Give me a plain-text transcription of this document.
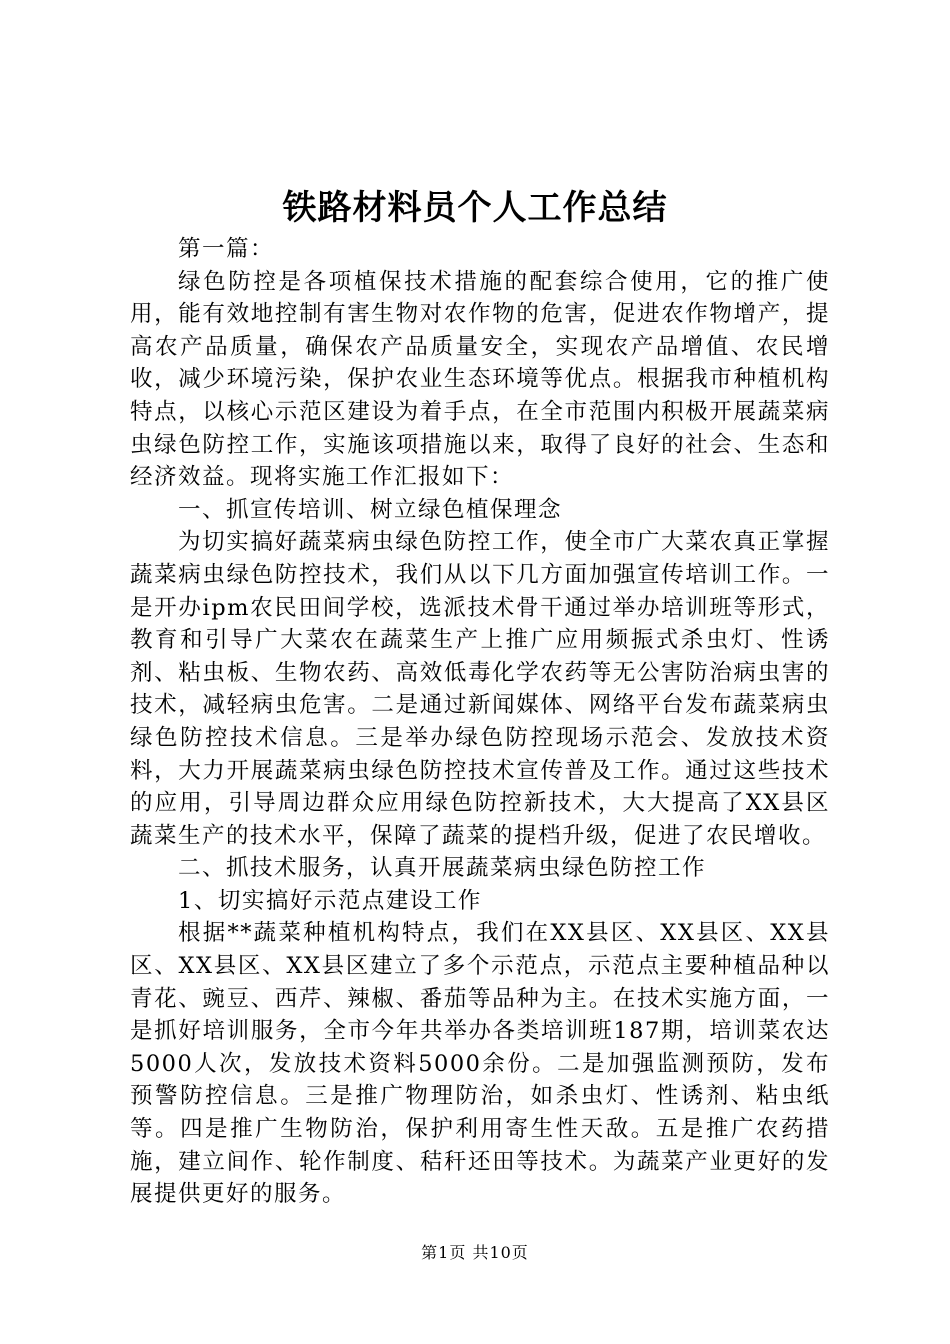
铁路材料员个人工作总结

第一篇：

绿色防控是各项植保技术措施的配套综合使用，它的推广使用，能有效地控制有害生物对农作物的危害，促进农作物增产，提高农产品质量，确保农产品质量安全，实现农产品增值、农民增收，减少环境污染，保护农业生态环境等优点。根据我市种植机构特点，以核心示范区建设为着手点，在全市范围内积极开展蔬菜病虫绿色防控工作，实施该项措施以来，取得了良好的社会、生态和经济效益。现将实施工作汇报如下：

一、抓宣传培训、树立绿色植保理念

为切实搞好蔬菜病虫绿色防控工作，使全市广大菜农真正掌握蔬菜病虫绿色防控技术，我们从以下几方面加强宣传培训工作。一是开办ipm农民田间学校，选派技术骨干通过举办培训班等形式，教育和引导广大菜农在蔬菜生产上推广应用频振式杀虫灯、性诱剂、粘虫板、生物农药、高效低毒化学农药等无公害防治病虫害的技术，减轻病虫危害。二是通过新闻媒体、网络平台发布蔬菜病虫绿色防控技术信息。三是举办绿色防控现场示范会、发放技术资料，大力开展蔬菜病虫绿色防控技术宣传普及工作。通过这些技术的应用，引导周边群众应用绿色防控新技术，大大提高了XX县区蔬菜生产的技术水平，保障了蔬菜的提档升级，促进了农民增收。

二、抓技术服务，认真开展蔬菜病虫绿色防控工作

1、切实搞好示范点建设工作

根据**蔬菜种植机构特点，我们在XX县区、XX县区、XX县区、XX县区、XX县区建立了多个示范点，示范点主要种植品种以青花、豌豆、西芹、辣椒、番茄等品种为主。在技术实施方面，一是抓好培训服务，全市今年共举办各类培训班187期，培训菜农达5000人次，发放技术资料5000余份。二是加强监测预防，发布预警防控信息。三是推广物理防治，如杀虫灯、性诱剂、粘虫纸等。四是推广生物防治，保护利用寄生性天敌。五是推广农药措施，建立间作、轮作制度、秸秆还田等技术。为蔬菜产业更好的发展提供更好的服务。

第1页 共10页
